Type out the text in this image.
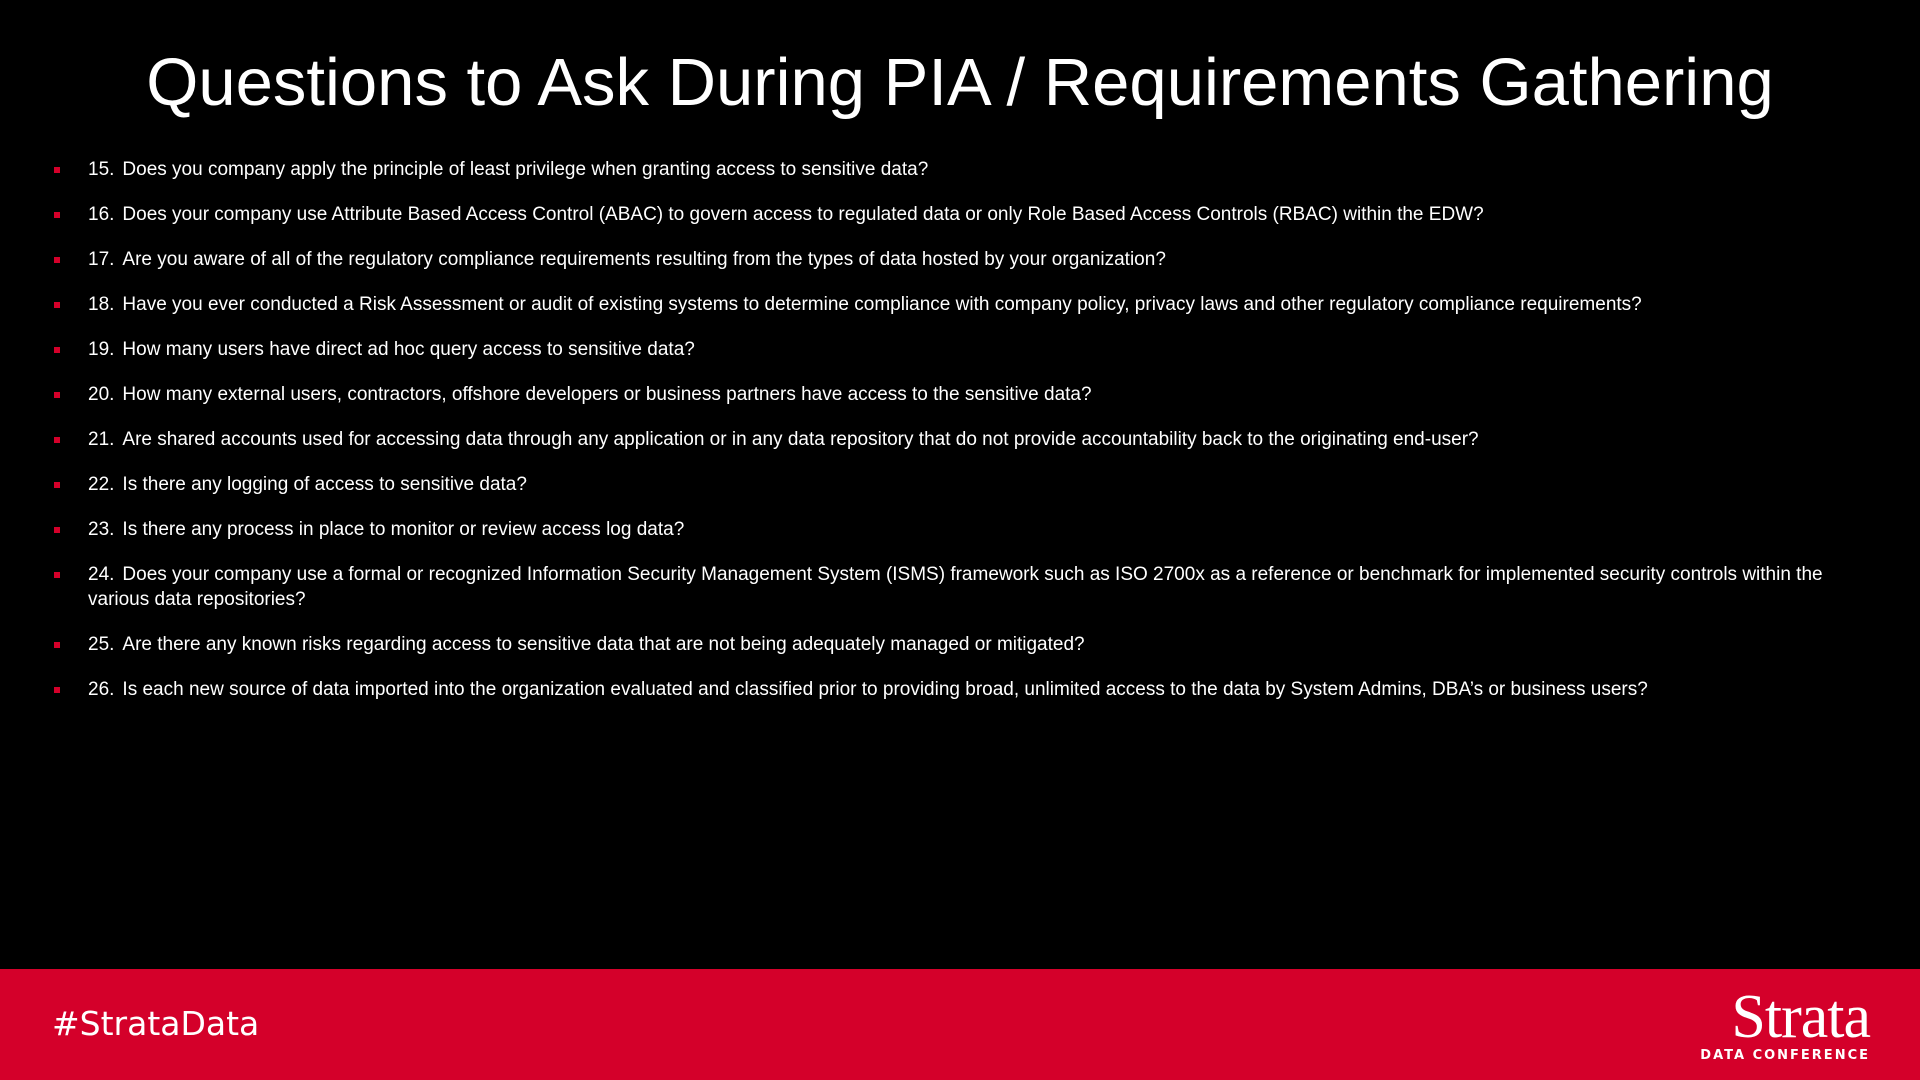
Questions to Ask During PIA / Requirements Gathering
15. Does you company apply the principle of least privilege when granting access to sensitive data?
16. Does your company use Attribute Based Access Control (ABAC) to govern access to regulated data or only Role Based Access Controls (RBAC) within the EDW?
17. Are you aware of all of the regulatory compliance requirements resulting from the types of data hosted by your organization?
18. Have you ever conducted a Risk Assessment or audit of existing systems to determine compliance with company policy, privacy laws and other regulatory compliance requirements?
19. How many users have direct ad hoc query access to sensitive data?
20. How many external users, contractors, offshore developers or business partners have access to the sensitive data?
21. Are shared accounts used for accessing data through any application or in any data repository that do not provide accountability back to the originating end-user?
22. Is there any logging of access to sensitive data?
23. Is there any process in place to monitor or review access log data?
24. Does your company use a formal or recognized Information Security Management System (ISMS) framework such as ISO 2700x as a reference or benchmark for implemented security controls within the various data repositories?
25. Are there any known risks regarding access to sensitive data that are not being adequately managed or mitigated?
26. Is each new source of data imported into the organization evaluated and classified prior to providing broad, unlimited access to the data by System Admins, DBA’s or business users?
#StrataData	Strata
DATA CONFERENCE
